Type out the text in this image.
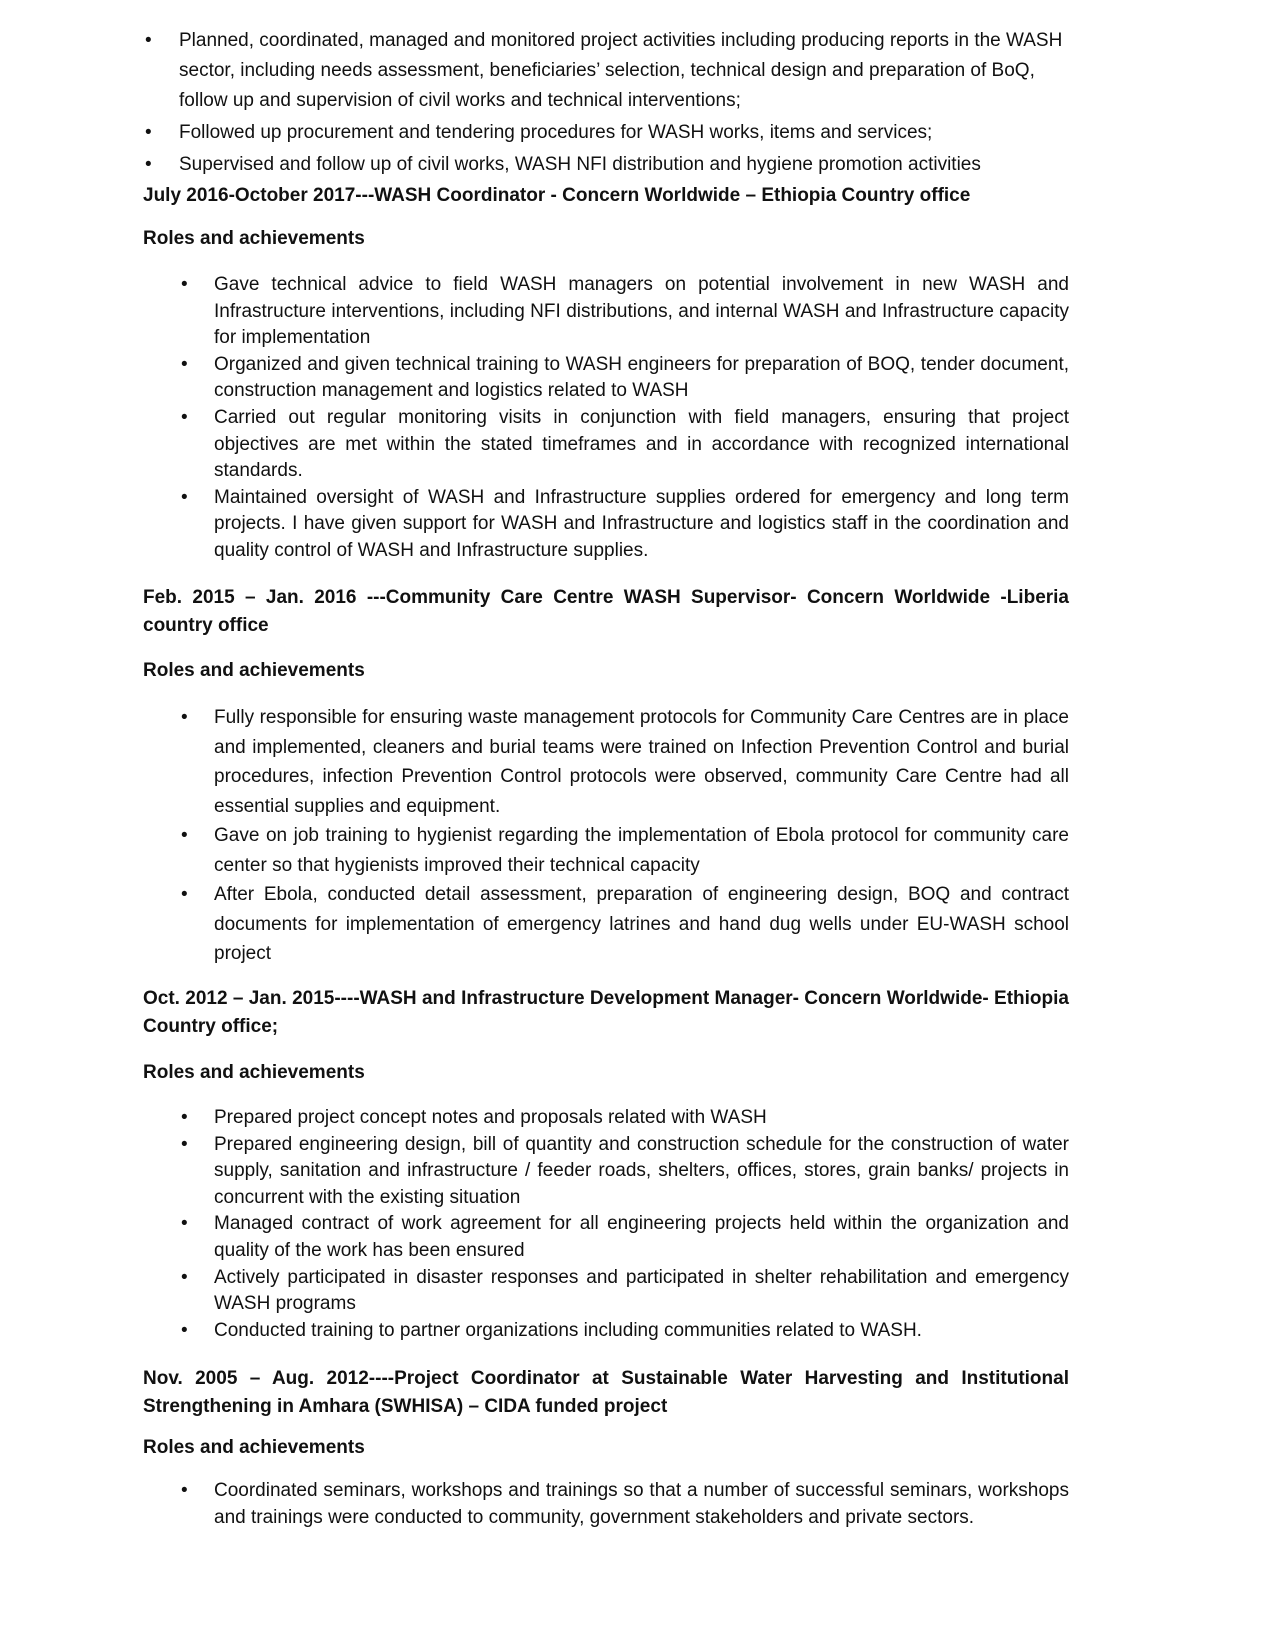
• Planned, coordinated, managed and monitored project activities including producing reports in the WASH sector, including needs assessment, beneficiaries’ selection, technical design and preparation of BoQ, follow up and supervision of civil works and technical interventions;
• Followed up procurement and tendering procedures for WASH works, items and services;
• Supervised and follow up of civil works, WASH NFI distribution and hygiene promotion activities
July 2016-October 2017---WASH Coordinator - Concern Worldwide – Ethiopia Country office
Roles and achievements
• Gave technical advice to field WASH managers on potential involvement in new WASH and Infrastructure interventions, including NFI distributions, and internal WASH and Infrastructure capacity for implementation
• Organized and given technical training to WASH engineers for preparation of BOQ, tender document, construction management and logistics related to WASH
• Carried out regular monitoring visits in conjunction with field managers, ensuring that project objectives are met within the stated timeframes and in accordance with recognized international standards.
• Maintained oversight of WASH and Infrastructure supplies ordered for emergency and long term projects. I have given support for WASH and Infrastructure and logistics staff in the coordination and quality control of WASH and Infrastructure supplies.
Feb. 2015 – Jan. 2016 ---Community Care Centre WASH Supervisor- Concern Worldwide -Liberia country office
Roles and achievements
• Fully responsible for ensuring waste management protocols for Community Care Centres are in place and implemented, cleaners and burial teams were trained on Infection Prevention Control and burial procedures, infection Prevention Control protocols were observed, community Care Centre had all essential supplies and equipment.
• Gave on job training to hygienist regarding the implementation of Ebola protocol for community care center so that hygienists improved their technical capacity
• After Ebola, conducted detail assessment, preparation of engineering design, BOQ and contract documents for implementation of emergency latrines and hand dug wells under EU-WASH school project
Oct. 2012 – Jan. 2015----WASH and Infrastructure Development Manager- Concern Worldwide- Ethiopia Country office;
Roles and achievements
• Prepared project concept notes and proposals related with WASH
• Prepared engineering design, bill of quantity and construction schedule for the construction of water supply, sanitation and infrastructure / feeder roads, shelters, offices, stores, grain banks/ projects in concurrent with the existing situation
• Managed contract of work agreement for all engineering projects held within the organization and quality of the work has been ensured
• Actively participated in disaster responses and participated in shelter rehabilitation and emergency WASH programs
• Conducted training to partner organizations including communities related to WASH.
Nov. 2005 – Aug. 2012----Project Coordinator at Sustainable Water Harvesting and Institutional Strengthening in Amhara (SWHISA) – CIDA funded project
Roles and achievements
• Coordinated seminars, workshops and trainings so that a number of successful seminars, workshops and trainings were conducted to community, government stakeholders and private sectors.
